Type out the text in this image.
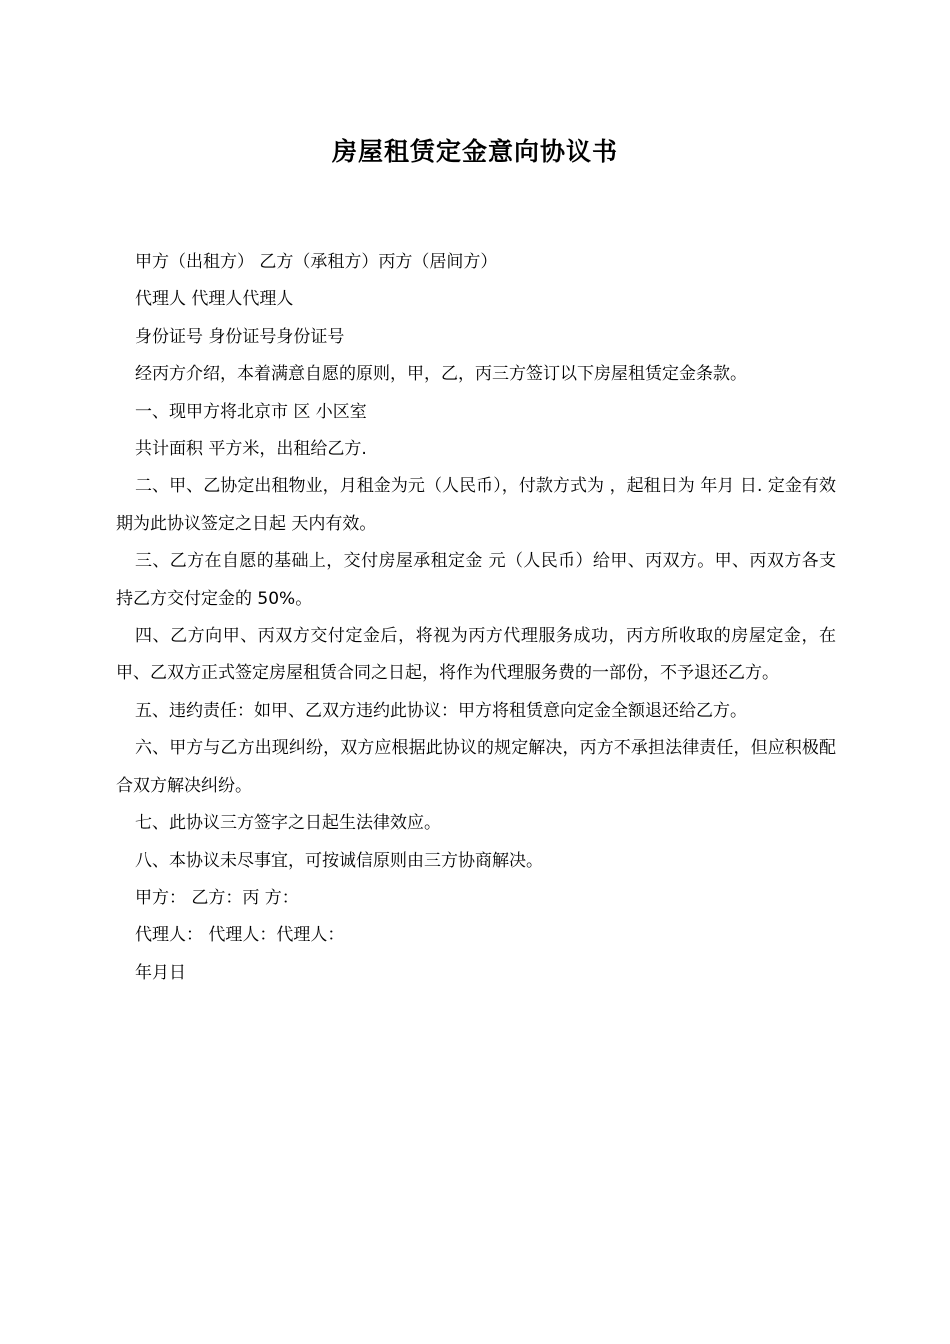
房屋租赁定金意向协议书

甲方（出租方） 乙方（承租方）丙方（居间方）

代理人 代理人代理人

身份证号 身份证号身份证号

经丙方介绍，本着满意自愿的原则，甲，乙，丙三方签订以下房屋租赁定金条款。

一、现甲方将北京市 区 小区室

共计面积 平方米，出租给乙方.

二、甲、乙协定出租物业，月租金为元（人民币），付款方式为 ，起租日为 年月 日. 定金有效期为此协议签定之日起 天内有效。

三、乙方在自愿的基础上，交付房屋承租定金 元（人民币）给甲、丙双方。甲、丙双方各支持乙方交付定金的 50%。

四、乙方向甲、丙双方交付定金后，将视为丙方代理服务成功，丙方所收取的房屋定金，在甲、乙双方正式签定房屋租赁合同之日起，将作为代理服务费的一部份，不予退还乙方。

五、违约责任：如甲、乙双方违约此协议：甲方将租赁意向定金全额退还给乙方。

六、甲方与乙方出现纠纷，双方应根据此协议的规定解决，丙方不承担法律责任，但应积极配合双方解决纠纷。

七、此协议三方签字之日起生法律效应。

八、本协议未尽事宜，可按诚信原则由三方协商解决。

甲方： 乙方：丙 方：

代理人： 代理人：代理人：

年月日
